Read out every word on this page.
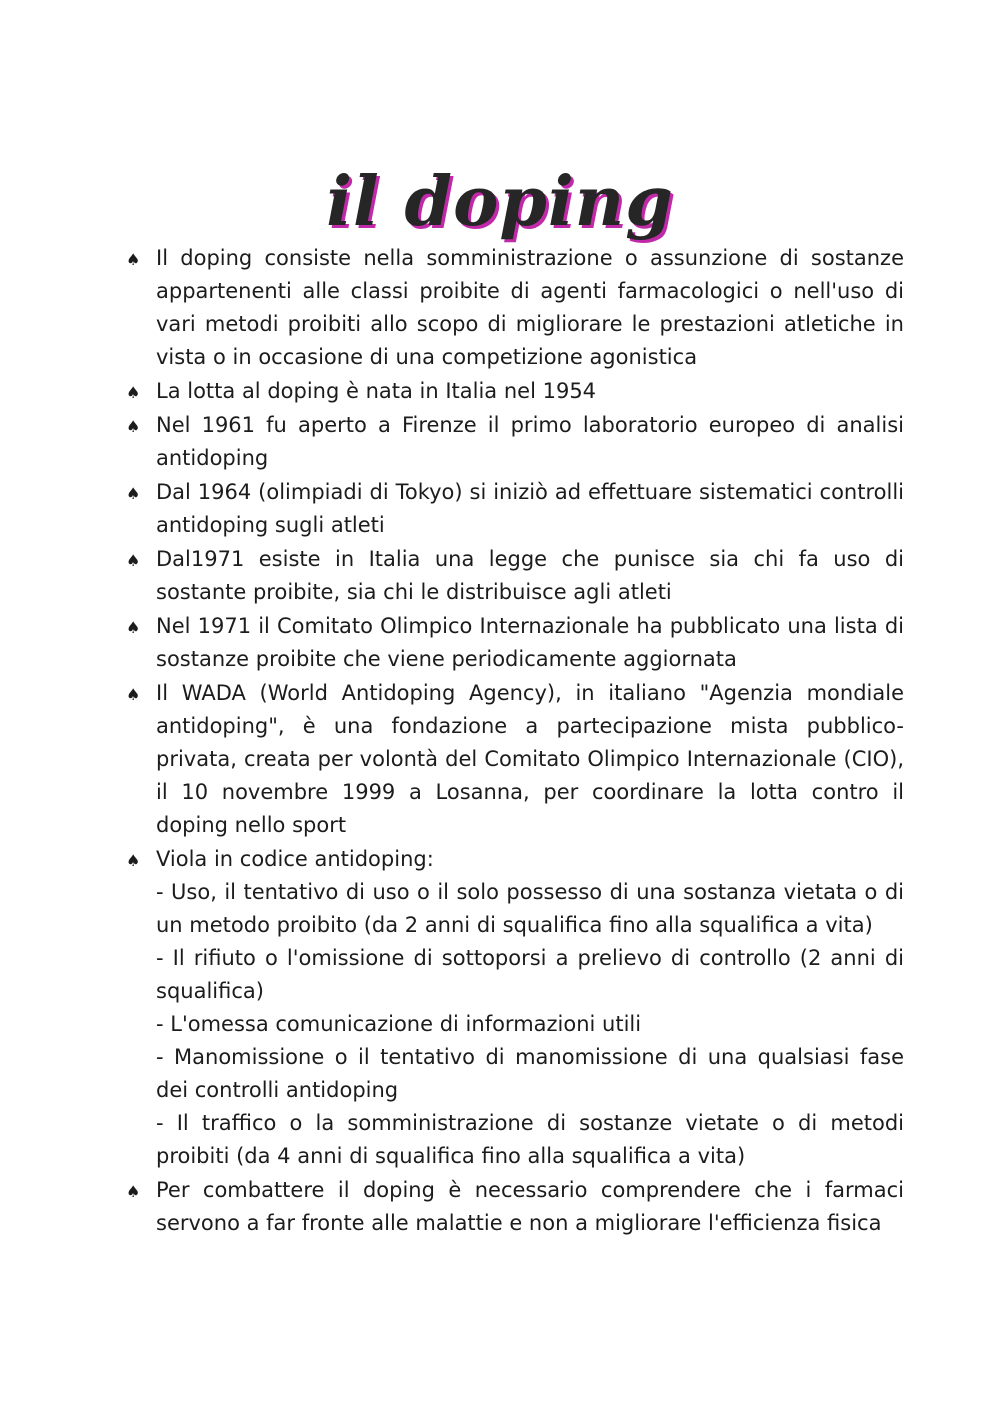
il doping
♠ Il doping consiste nella somministrazione o assunzione di sostanze appartenenti alle classi proibite di agenti farmacologici o nell'uso di vari metodi proibiti allo scopo di migliorare le prestazioni atletiche in vista o in occasione di una competizione agonistica
♠ La lotta al doping è nata in Italia nel 1954
♠ Nel 1961 fu aperto a Firenze il primo laboratorio europeo di analisi antidoping
♠ Dal 1964 (olimpiadi di Tokyo) si iniziò ad effettuare sistematici controlli antidoping sugli atleti
♠ Dal1971 esiste in Italia una legge che punisce sia chi fa uso di sostante proibite, sia chi le distribuisce agli atleti
♠ Nel 1971 il Comitato Olimpico Internazionale ha pubblicato una lista di sostanze proibite che viene periodicamente aggiornata
♠ Il WADA (World Antidoping Agency), in italiano "Agenzia mondiale antidoping", è una fondazione a partecipazione mista pubblico-privata, creata per volontà del Comitato Olimpico Internazionale (CIO), il 10 novembre 1999 a Losanna, per coordinare la lotta contro il doping nello sport
♠ Viola in codice antidoping:
- Uso, il tentativo di uso o il solo possesso di una sostanza vietata o di un metodo proibito (da 2 anni di squalifica fino alla squalifica a vita)
- Il rifiuto o l'omissione di sottoporsi a prelievo di controllo (2 anni di squalifica)
- L'omessa comunicazione di informazioni utili
- Manomissione o il tentativo di manomissione di una qualsiasi fase dei controlli antidoping
- Il traffico o la somministrazione di sostanze vietate o di metodi proibiti (da 4 anni di squalifica fino alla squalifica a vita)
♠ Per combattere il doping è necessario comprendere che i farmaci servono a far fronte alle malattie e non a migliorare l'efficienza fisica
